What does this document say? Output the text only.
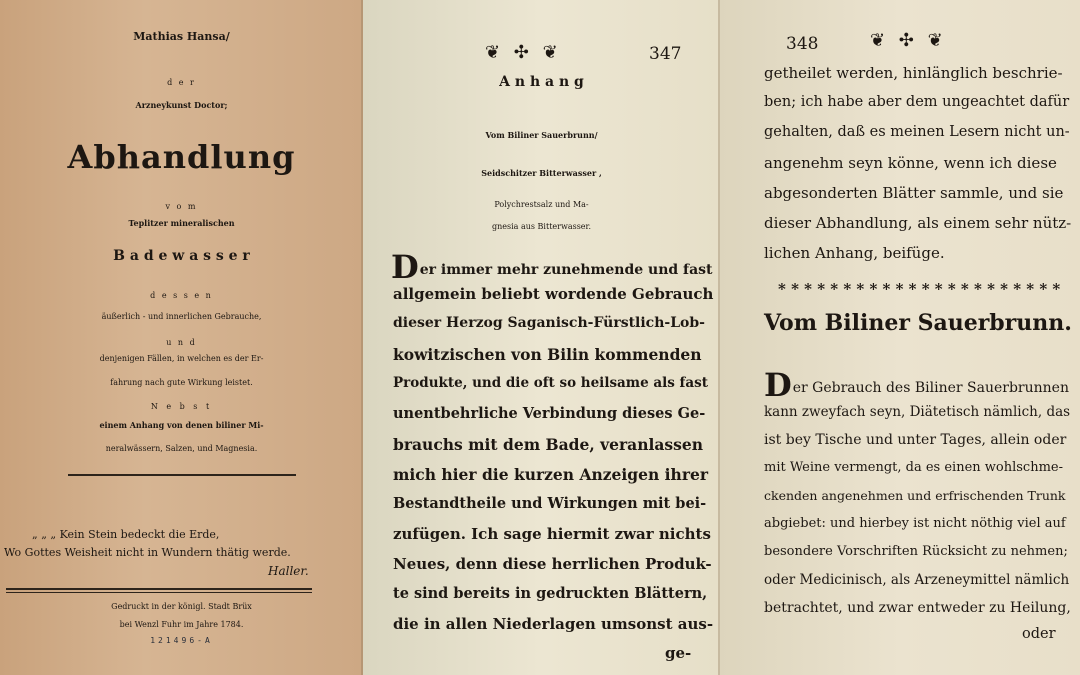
Mathias Hansa/
d e r
Arzneykunst Doctor;
Abhandlung
v o m
Teplitzer mineralischen
B a d e w a s s e r
d e s s e n
äußerlich - und innerlichen Gebrauche,
u n d
denjenigen Fällen, in welchen es der Er-
fahrung nach gute Wirkung leistet.
N e b s t
einem Anhang von denen biliner Mi-
neralwässern, Salzen, und Magnesia.
„ „ „ Kein Stein bedeckt die Erde,
Wo Gottes Weisheit nicht in Wundern thätig werde.
Haller.
Gedruckt in der königl. Stadt Brüx
bei Wenzl Fuhr im Jahre 1784.
121496-A
❦ ✣ ❦	347
A n h a n g
Vom Biliner Sauerbrunn/
Seidschitzer Bitterwasser ,
Polychrestsalz und Ma-
gnesia aus Bitterwasser.
Der immer mehr zunehmende und fast
allgemein beliebt wordende Gebrauch
dieser Herzog Saganisch-Fürstlich-Lob-
kowitzischen von Bilin kommenden
Produkte, und die oft so heilsame als fast
unentbehrliche Verbindung dieses Ge-
brauchs mit dem Bade, veranlassen
mich hier die kurzen Anzeigen ihrer
Bestandtheile und Wirkungen mit bei-
zufügen. Ich sage hiermit zwar nichts
Neues, denn diese herrlichen Produk-
te sind bereits in gedruckten Blättern,
die in allen Niederlagen umsonst aus-
ge-
348	❦ ✣ ❦
getheilet werden, hinlänglich beschrie-
ben; ich habe aber dem ungeachtet dafür
gehalten, daß es meinen Lesern nicht un-
angenehm seyn könne, wenn ich diese
abgesonderten Blätter sammle, und sie
dieser Abhandlung, als einem sehr nütz-
lichen Anhang, beifüge.
* * * * * * * * * * * * * * * * * * * * * *
Vom Biliner Sauerbrunn.
Der Gebrauch des Biliner Sauerbrunnen
kann zweyfach seyn, Diätetisch nämlich, das
ist bey Tische und unter Tages, allein oder
mit Weine vermengt, da es einen wohlschme-
ckenden angenehmen und erfrischenden Trunk
abgiebet: und hierbey ist nicht nöthig viel auf
besondere Vorschriften Rücksicht zu nehmen;
oder Medicinisch, als Arzeneymittel nämlich
betrachtet, und zwar entweder zu Heilung,
oder
